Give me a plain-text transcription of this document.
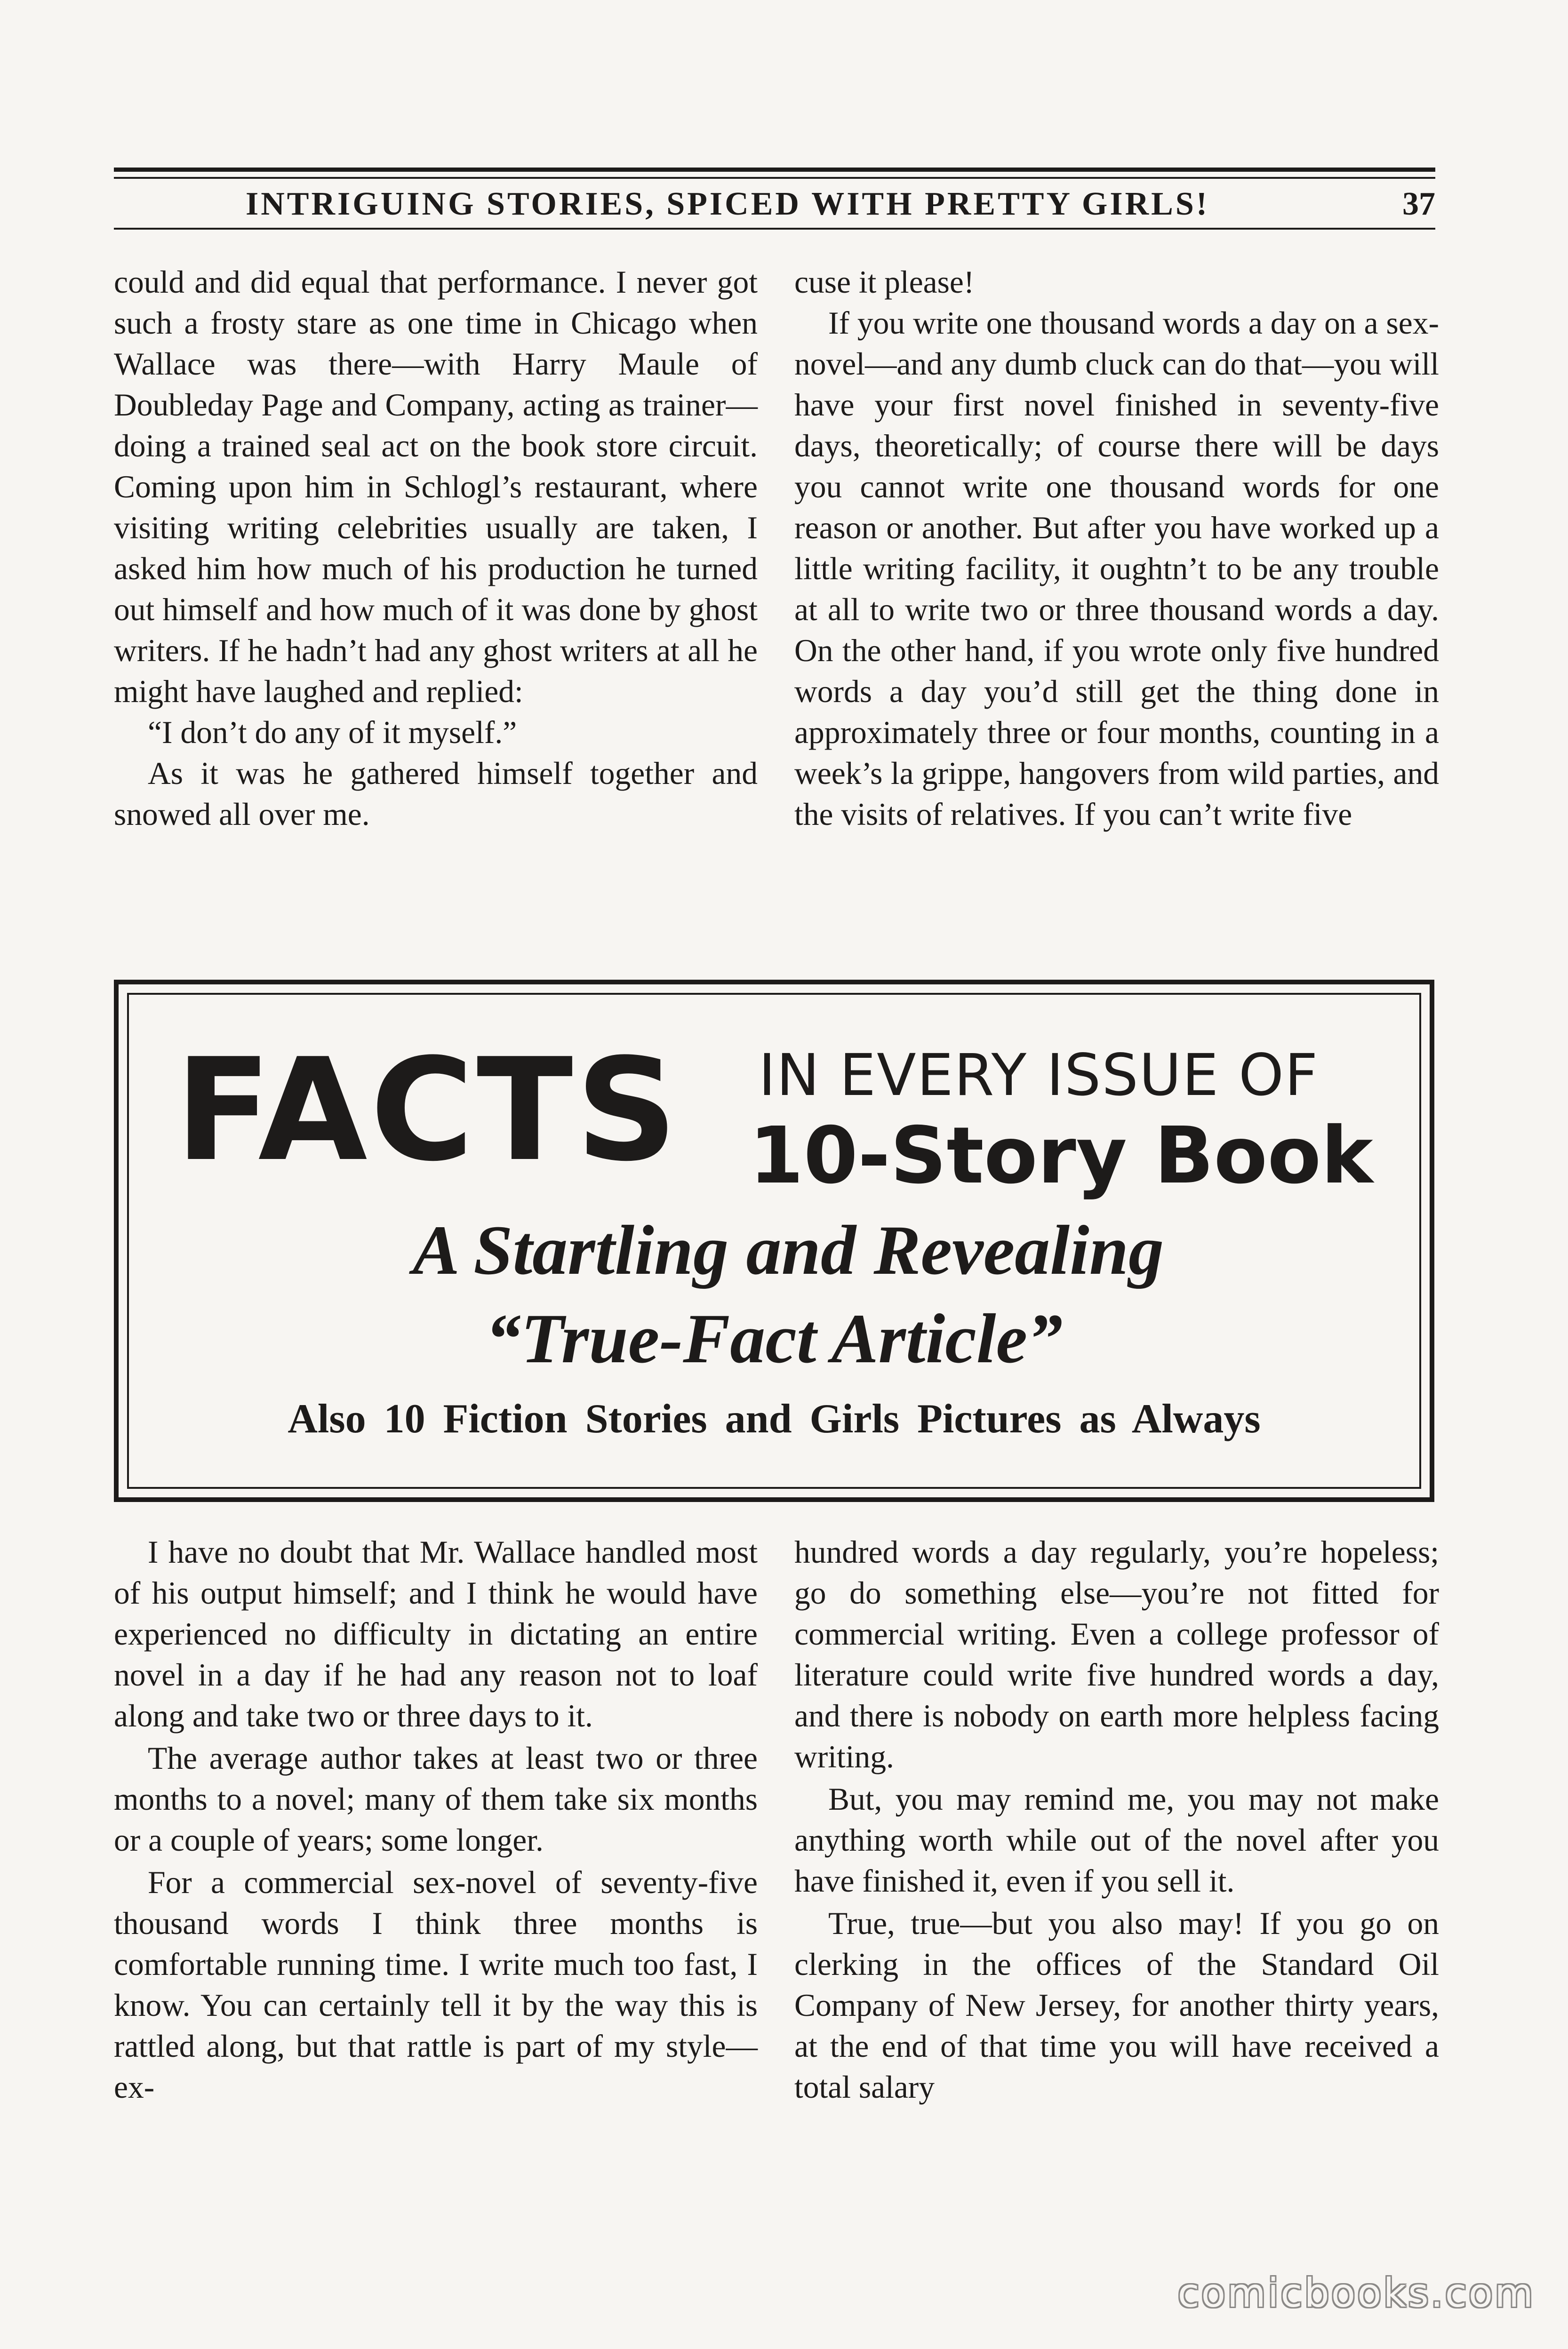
INTRIGUING STORIES, SPICED WITH PRETTY GIRLS!	37

could and did equal that performance. I never got such a frosty stare as one time in Chicago when Wallace was there—with Harry Maule of Doubleday Page and Company, acting as trainer—doing a trained seal act on the book store circuit. Coming upon him in Schlogl’s restaurant, where visiting writing celebrities usually are taken, I asked him how much of his production he turned out himself and how much of it was done by ghost writers. If he hadn’t had any ghost writers at all he might have laughed and replied:

“I don’t do any of it myself.”

As it was he gathered himself together and snowed all over me.

cuse it please!

If you write one thousand words a day on a sex-novel—and any dumb cluck can do that—you will have your first novel finished in seventy-five days, theoretically; of course there will be days you cannot write one thousand words for one reason or another. But after you have worked up a little writing facility, it oughtn’t to be any trouble at all to write two or three thousand words a day. On the other hand, if you wrote only five hundred words a day you’d still get the thing done in approximately three or four months, counting in a week’s la grippe, hangovers from wild parties, and the visits of relatives. If you can’t write five

FACTS IN EVERY ISSUE OF
10-Story Book
A Startling and Revealing
“True-Fact Article”
Also 10 Fiction Stories and Girls Pictures as Always

I have no doubt that Mr. Wallace handled most of his output himself; and I think he would have experienced no difficulty in dictating an entire novel in a day if he had any reason not to loaf along and take two or three days to it.

The average author takes at least two or three months to a novel; many of them take six months or a couple of years; some longer.

For a commercial sex-novel of seventy-five thousand words I think three months is comfortable running time. I write much too fast, I know. You can certainly tell it by the way this is rattled along, but that rattle is part of my style—ex-

hundred words a day regularly, you’re hopeless; go do something else—you’re not fitted for commercial writing. Even a college professor of literature could write five hundred words a day, and there is nobody on earth more helpless facing writing.

But, you may remind me, you may not make anything worth while out of the novel after you have finished it, even if you sell it.

True, true—but you also may! If you go on clerking in the offices of the Standard Oil Company of New Jersey, for another thirty years, at the end of that time you will have received a total salary

comicbooks.com
